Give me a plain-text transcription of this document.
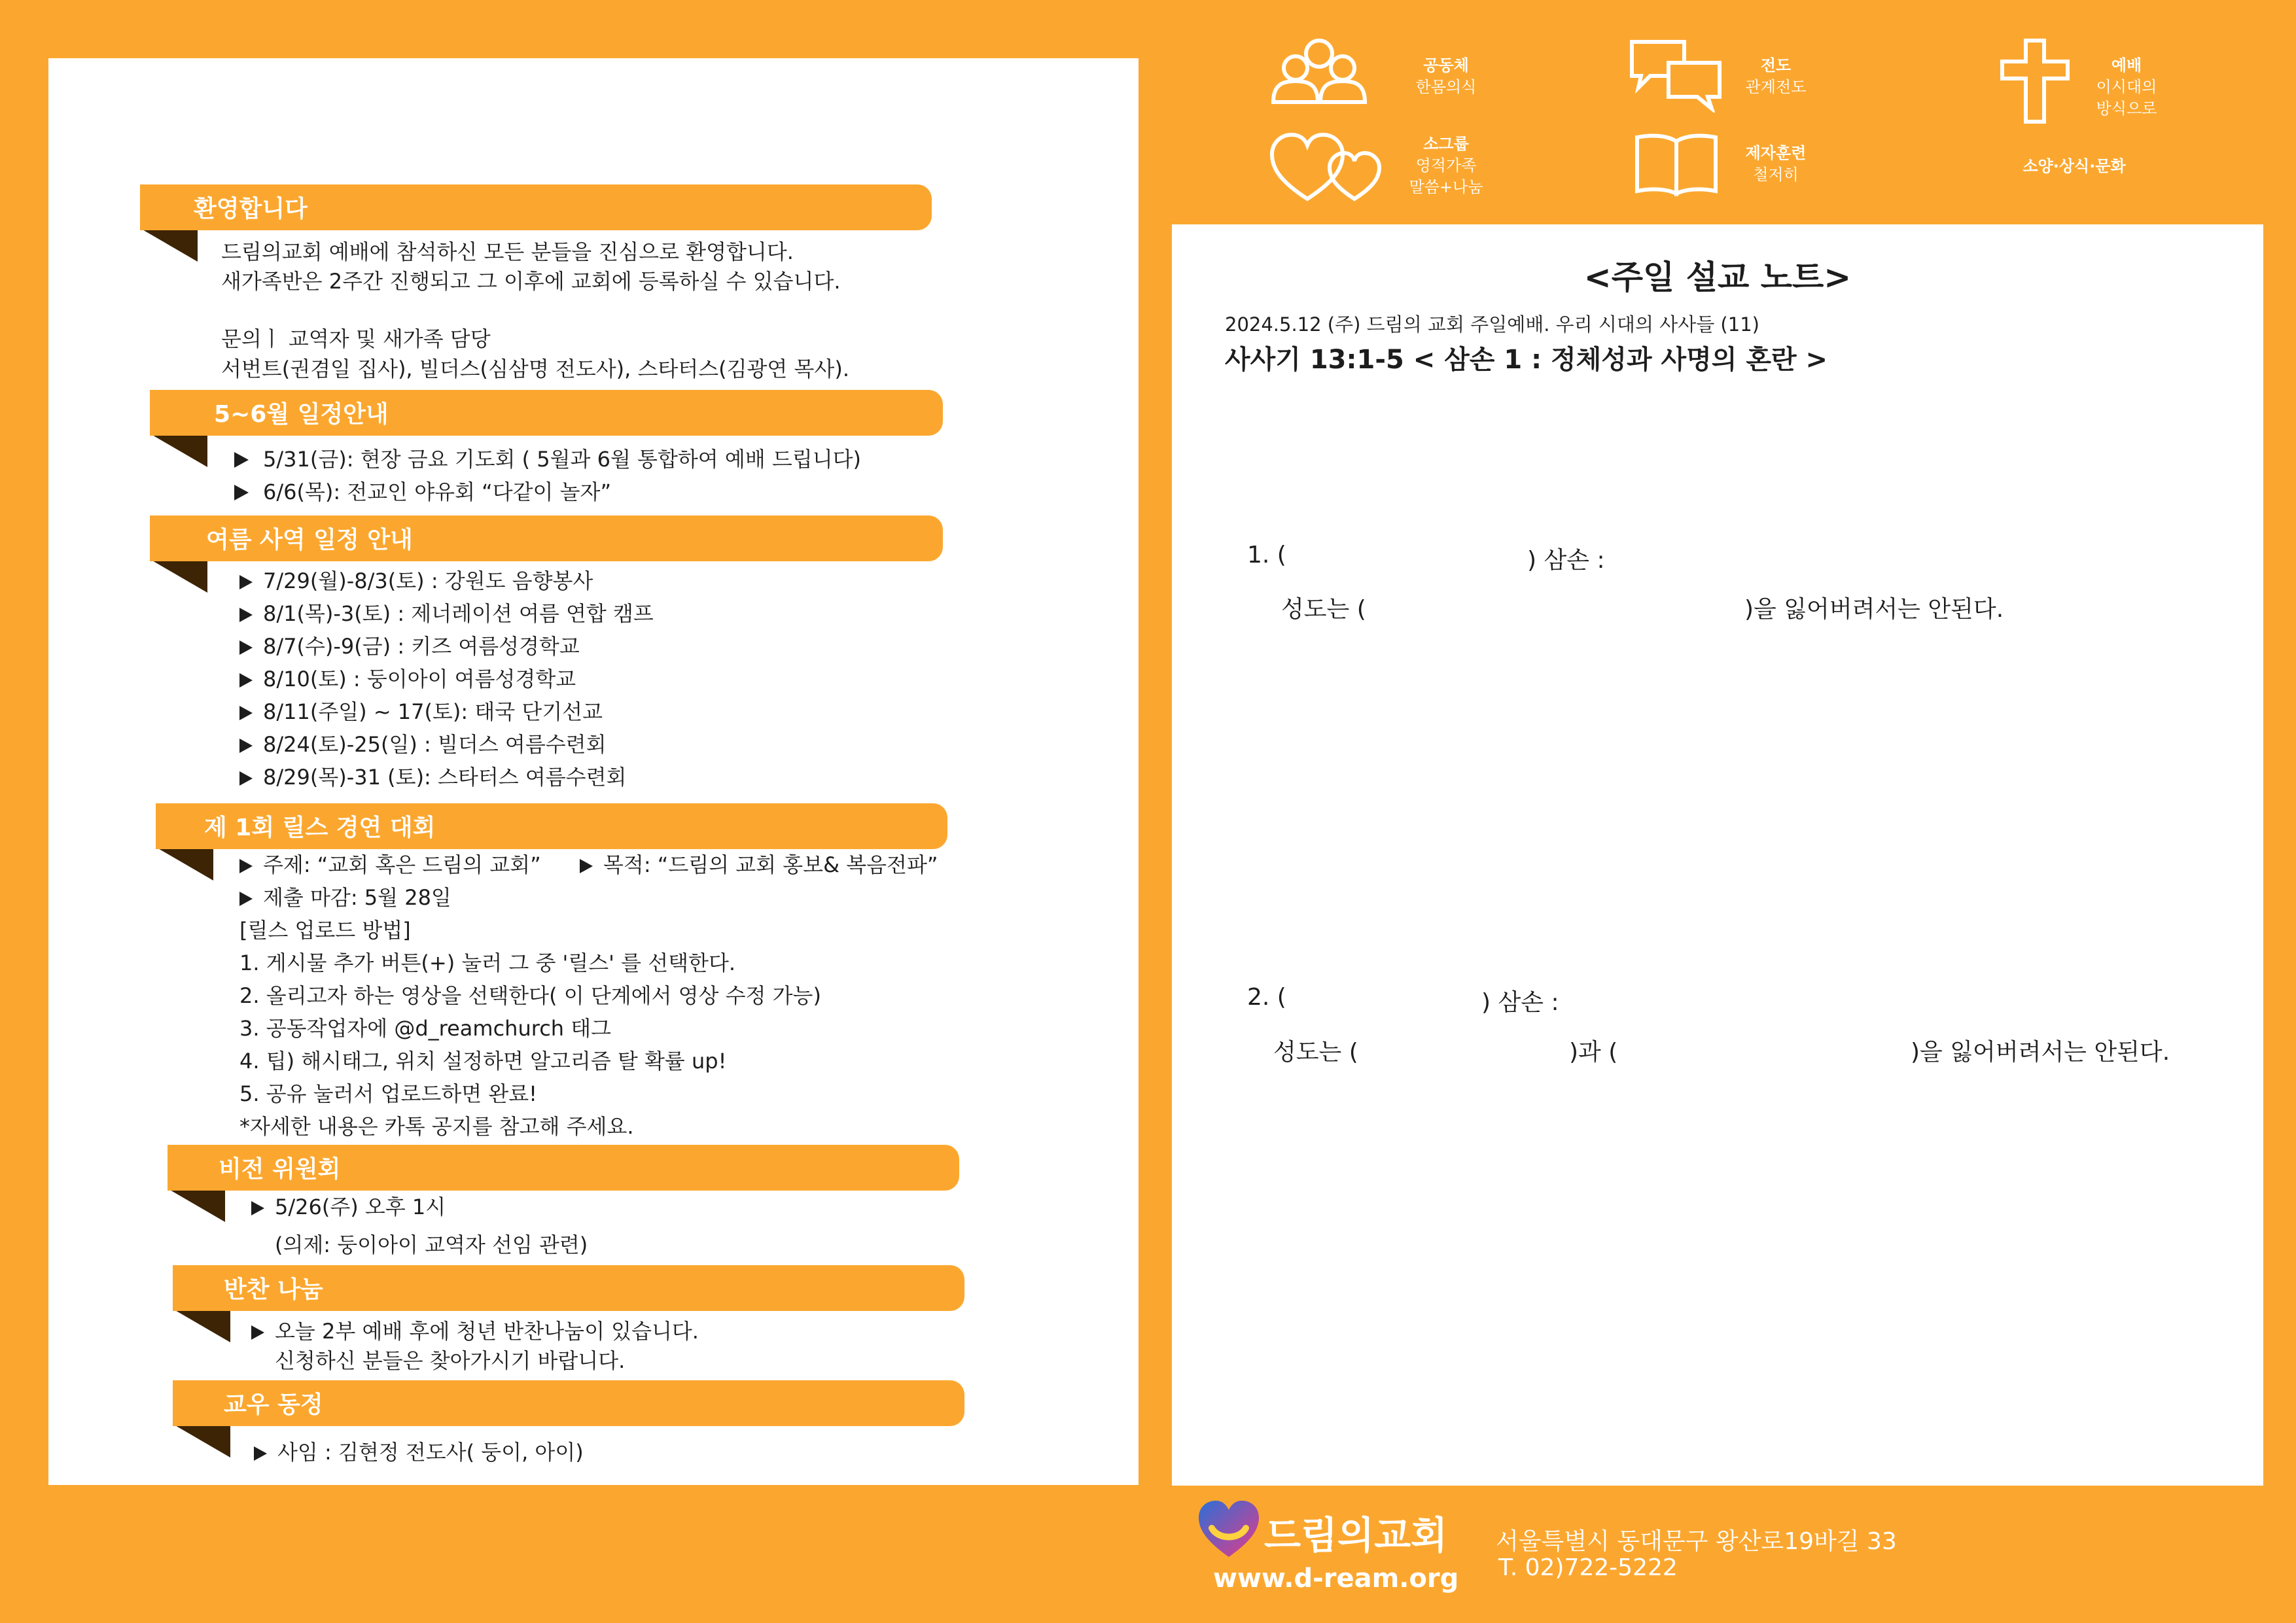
환영합니다
드림의교회 예배에 참석하신 모든 분들을 진심으로 환영합니다.
새가족반은 2주간 진행되고 그 이후에 교회에 등록하실 수 있습니다.
문의ㅣ 교역자 및 새가족 담당
서번트(권겸일 집사), 빌더스(심삼명 전도사), 스타터스(김광연 목사).
5~6월 일정안내
5/31(금): 현장 금요 기도회 ( 5월과 6월 통합하여 예배 드립니다)
6/6(목): 전교인 야유회 “다같이 놀자”
여름 사역 일정 안내
7/29(월)-8/3(토) : 강원도 음향봉사
8/1(목)-3(토) : 제너레이션 여름 연합 캠프
8/7(수)-9(금) : 키즈 여름성경학교
8/10(토) : 둥이아이 여름성경학교
8/11(주일) ~ 17(토): 태국 단기선교
8/24(토)-25(일) : 빌더스 여름수련회
8/29(목)-31 (토): 스타터스 여름수련회
제 1회 릴스 경연 대회
주제: “교회 혹은 드림의 교회”	목적: “드림의 교회 홍보& 복음전파”
제출 마감: 5월 28일
[릴스 업로드 방법]
1. 게시물 추가 버튼(+) 눌러 그 중 '릴스' 를 선택한다.
2. 올리고자 하는 영상을 선택한다( 이 단계에서 영상 수정 가능)
3. 공동작업자에 @d_reamchurch 태그
4. 팁) 해시태그, 위치 설정하면 알고리즘 탈 확률 up!
5. 공유 눌러서 업로드하면 완료!
*자세한 내용은 카톡 공지를 참고해 주세요.
비전 위원회
5/26(주) 오후 1시
(의제: 둥이아이 교역자 선임 관련)
반찬 나눔
오늘 2부 예배 후에 청년 반찬나눔이 있습니다.
신청하신 분들은 찾아가시기 바랍니다.
교우 동정
사임 : 김현정 전도사( 둥이, 아이)
공동체
한몸의식
전도
관계전도
예배
이시대의
방식으로
소그룹
영적가족
말씀+나눔
제자훈련
철저히	소양·상식·문화
<주일 설교 노트>
2024.5.12 (주) 드림의 교회 주일예배. 우리 시대의 사사들 (11)
사사기 13:1-5 < 삼손 1 : 정체성과 사명의 혼란 >
1. (	) 삼손 :
성도는 (	)을 잃어버려서는 안된다.
2. (	) 삼손 :
성도는 (	)과 (	)을 잃어버려서는 안된다.
드림의교회
www.d-ream.org
서울특별시 동대문구 왕산로19바길 33
T. 02)722-5222
